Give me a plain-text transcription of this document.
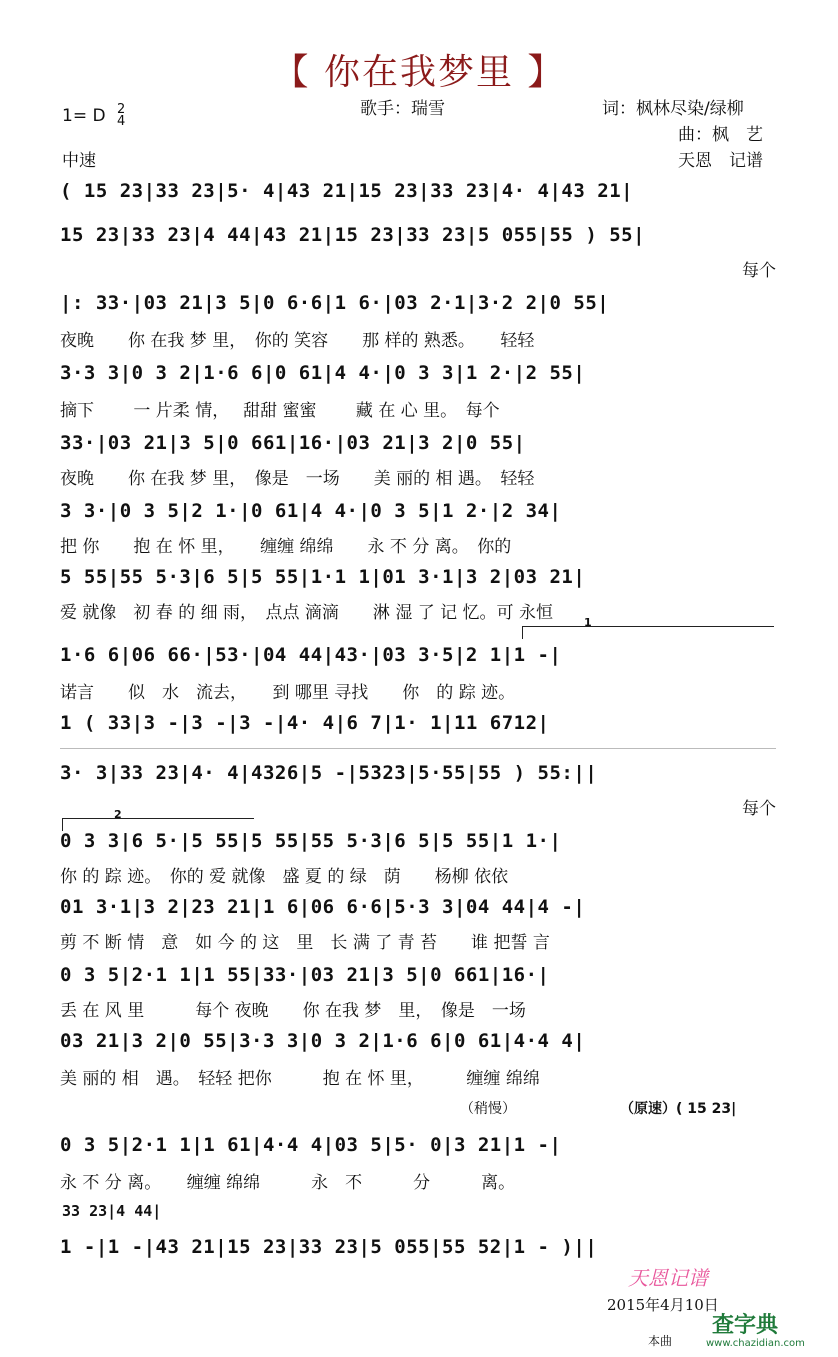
【 你在我梦里 】
1= D 2
4
歌手：瑞雪	词：枫林尽染/绿柳
曲：枫　艺
中速	天恩　记谱
( 15 23|33 23|5· 4|43 21|15 23|33 23|4· 4|43 21|
15 23|33 23|4 44|43 21|15 23|33 23|5 055|55 ) 55|
每个
|: 33·|03 21|3 5|0 6·6|1 6·|03 2·1|3·2 2|0 55|
夜晚　　你 在我 梦 里，　你的 笑容　　那 样的 熟悉。　　轻轻
3·3 3|0 3 2|1·6 6|0 61|4 4·|0 3 3|1 2·|2 55|
摘下　　 一 片柔 情，　 甜甜 蜜蜜　　 藏 在 心 里。　每个
33·|03 21|3 5|0 661|16·|03 21|3 2|0 55|
夜晚　　你 在我 梦 里，　像是　一场　　美 丽的 相 遇。　轻轻
3 3·|0 3 5|2 1·|0 61|4 4·|0 3 5|1 2·|2 34|
把 你　　抱 在 怀 里，　　缠缠 绵绵　　永 不 分 离。　你的
5 55|55 5·3|6 5|5 55|1·1 1|01 3·1|3 2|03 21|
爱 就像　初 春 的 细 雨，　点点 滴滴　　淋 湿 了 记 忆。可 永恒	1
1·6 6|06 66·|53·|04 44|43·|03 3·5|2 1|1 -|
诺言　　似　水　流去，　　到 哪里 寻找　　你　的 踪 迹。
1 ( 33|3 -|3 -|3 -|4· 4|6 7|1· 1|11 6712|
3· 3|33 23|4· 4|4326|5 -|5323|5·55|55 ) 55:||
每个
2
0 3 3|6 5·|5 55|5 55|55 5·3|6 5|5 55|1 1·|
你 的 踪 迹。　你的 爱 就像　盛 夏 的 绿　荫　　杨柳 依依
01 3·1|3 2|23 21|1 6|06 6·6|5·3 3|04 44|4 -|
剪 不 断 情　意　如 今 的 这　里　长 满 了 青 苔　　谁 把誓 言
0 3 5|2·1 1|1 55|33·|03 21|3 5|0 661|16·|
丢 在 风 里　　　每个 夜晚　　你 在我 梦　里，　像是　一场
03 21|3 2|0 55|3·3 3|0 3 2|1·6 6|0 61|4·4 4|
美 丽的 相　遇。　轻轻 把你　　　抱 在 怀 里，　　　缠缠 绵绵
（稍慢）	（原速）( 15 23|
0 3 5|2·1 1|1 61|4·4 4|03 5|5· 0|3 21|1 -|
永 不 分 离。　　缠缠 绵绵　　　永　不　　　分　　　离。
33 23|4 44|
1 -|1 -|43 21|15 23|33 23|5 055|55 52|1 - )||
天恩记谱
2015年4月10日
本曲
查字典
www.chazidian.com
